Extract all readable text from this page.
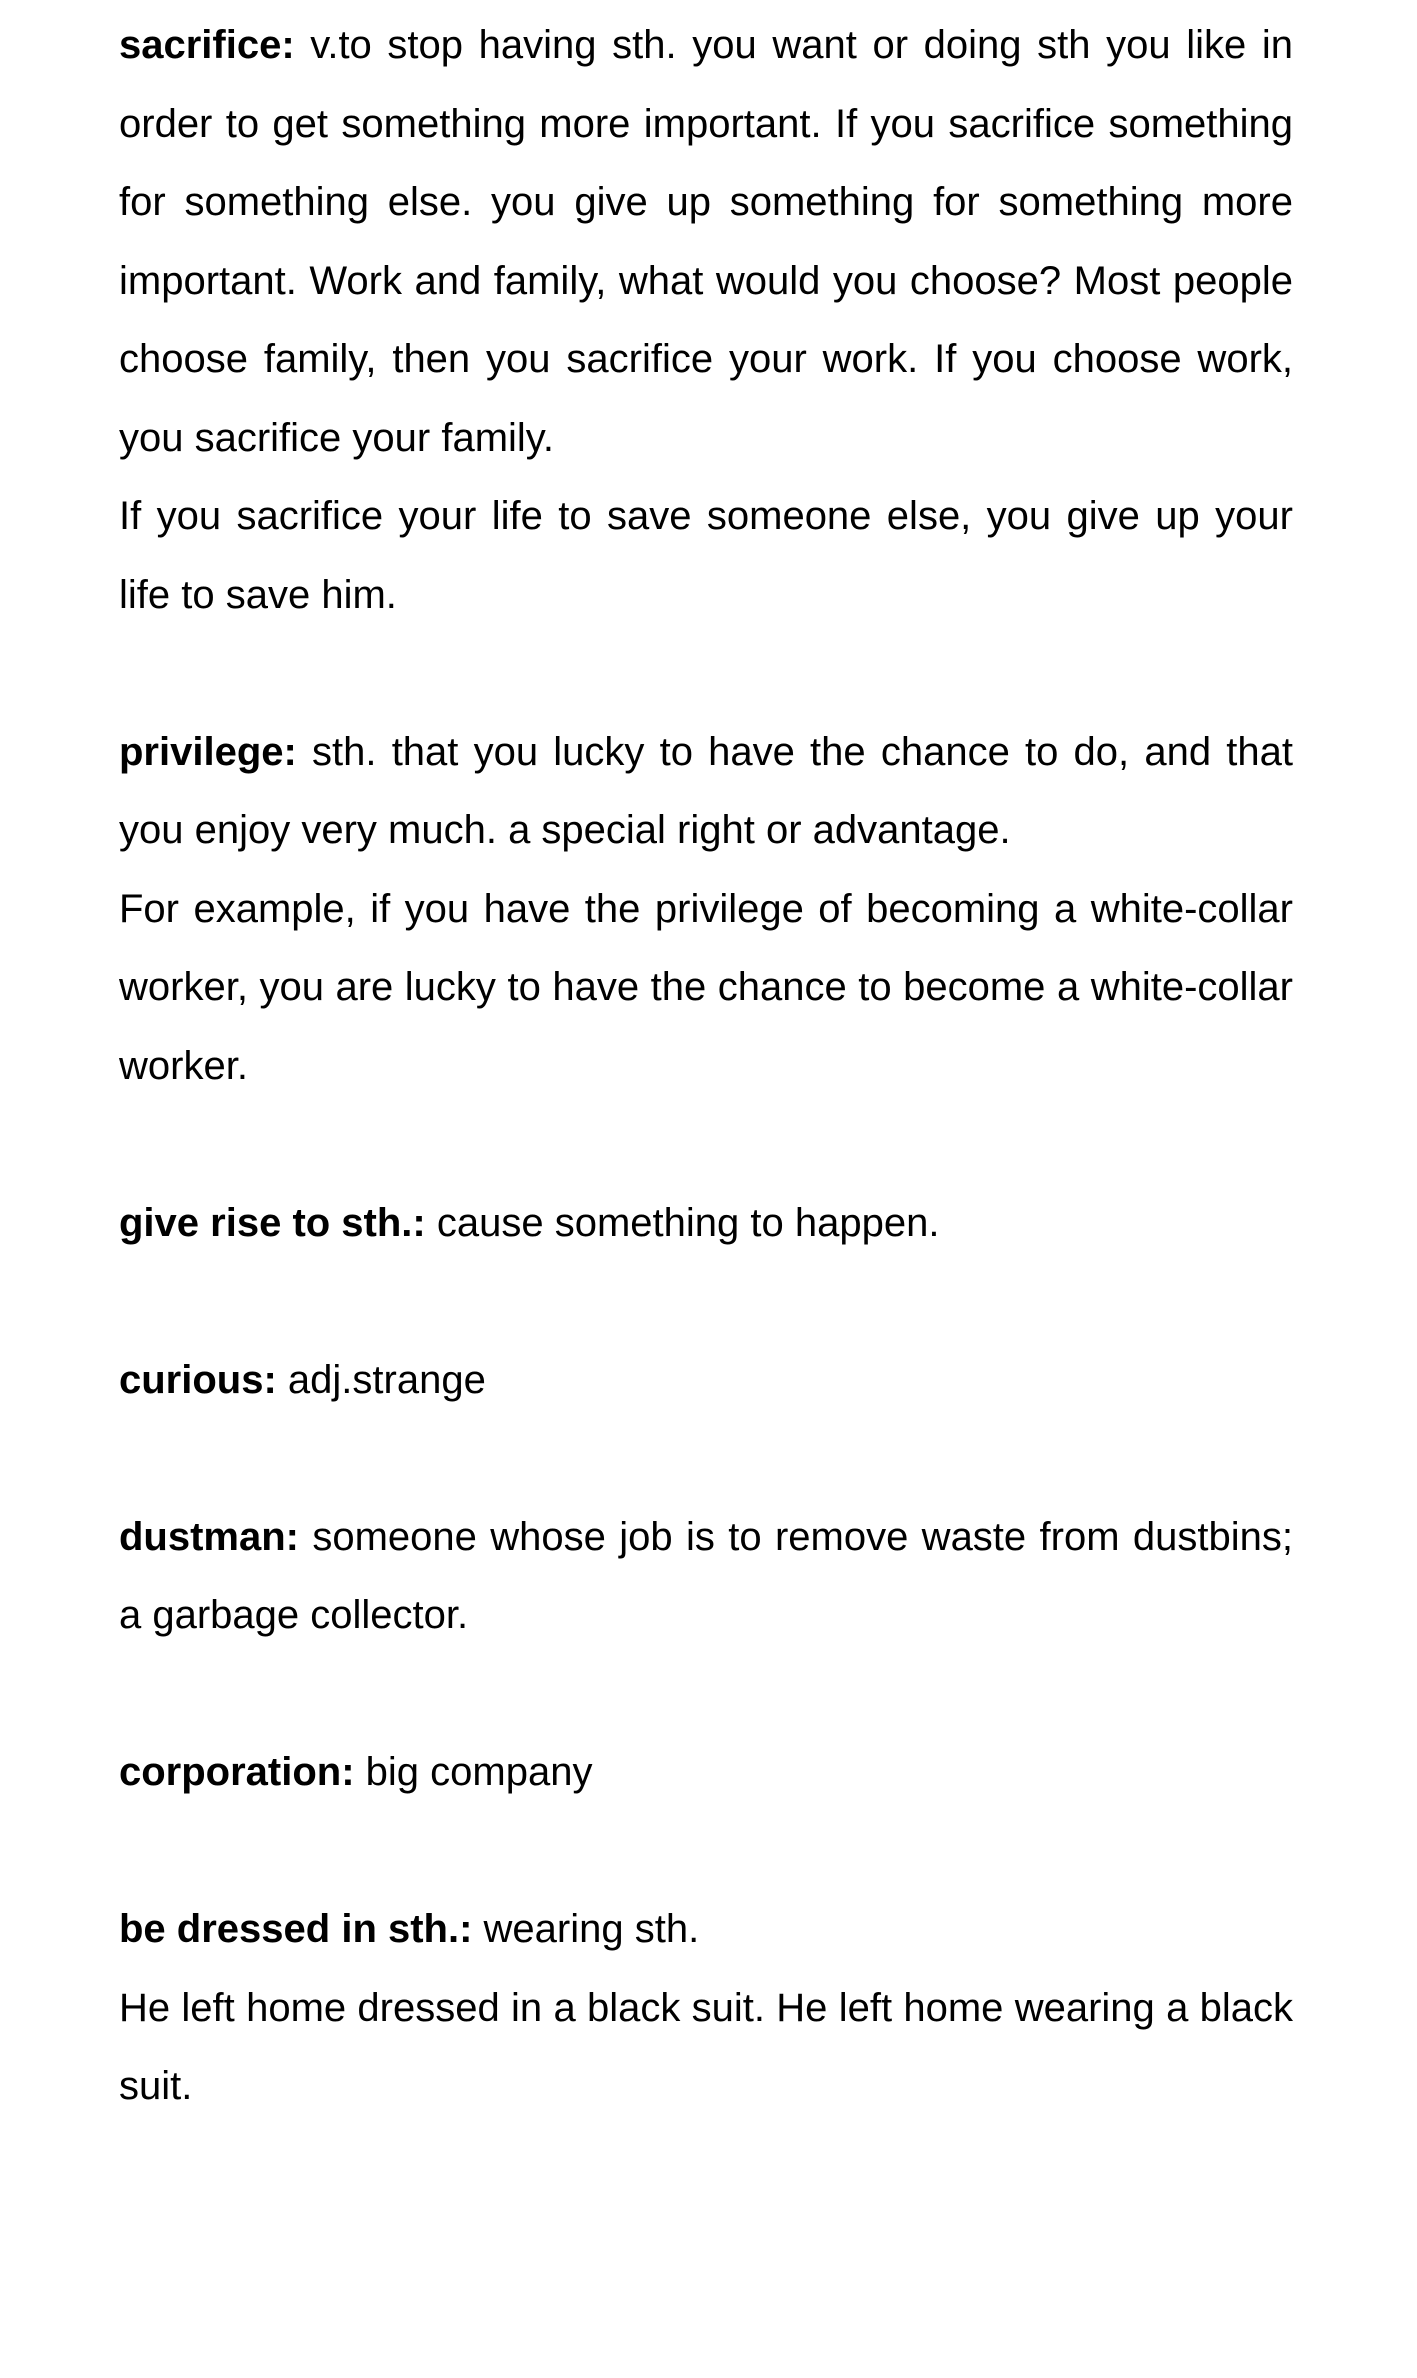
sacrifice: v.to stop having sth. you want or doing sth you like in order to get something more important. If you sacrifice something for something else. you give up something for something more important. Work and family, what would you choose? Most people choose family, then you sacrifice your work. If you choose work, you sacrifice your family.

If you sacrifice your life to save someone else, you give up your life to save him.

privilege: sth. that you lucky to have the chance to do, and that you enjoy very much. a special right or advantage.

For example, if you have the privilege of becoming a white-collar worker, you are lucky to have the chance to become a white-collar worker.

give rise to sth.: cause something to happen.

curious: adj.strange

dustman: someone whose job is to remove waste from dustbins; a garbage collector.

corporation: big company

be dressed in sth.: wearing sth.

He left home dressed in a black suit. He left home wearing a black suit.
